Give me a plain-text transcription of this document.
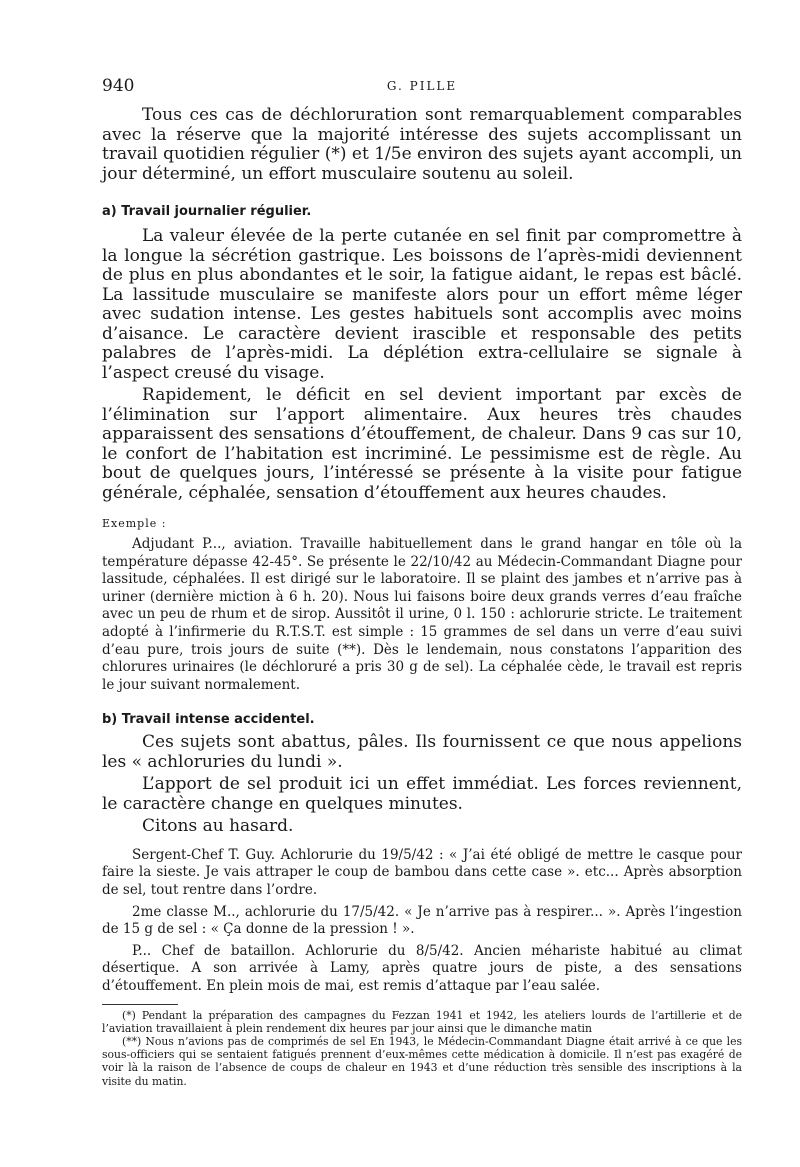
940	G. PILLE

Tous ces cas de déchloruration sont remarquablement comparables avec la réserve que la majorité intéresse des sujets accomplissant un travail quotidien régulier (*) et 1/5e environ des sujets ayant accompli, un jour déterminé, un effort musculaire soutenu au soleil.

a) Travail journalier régulier.

La valeur élevée de la perte cutanée en sel finit par compromettre à la longue la sécrétion gastrique. Les boissons de l’après-midi deviennent de plus en plus abondantes et le soir, la fatigue aidant, le repas est bâclé. La lassitude musculaire se manifeste alors pour un effort même léger avec sudation intense. Les gestes habituels sont accomplis avec moins d’aisance. Le caractère devient irascible et responsable des petits palabres de l’après-midi. La déplétion extra-cellulaire se signale à l’aspect creusé du visage.

Rapidement, le déficit en sel devient important par excès de l’élimination sur l’apport alimentaire. Aux heures très chaudes apparaissent des sensations d’étouffement, de chaleur. Dans 9 cas sur 10, le confort de l’habitation est incriminé. Le pessimisme est de règle. Au bout de quelques jours, l’intéressé se présente à la visite pour fatigue générale, céphalée, sensation d’étouffement aux heures chaudes.

Exemple :

Adjudant P..., aviation. Travaille habituellement dans le grand hangar en tôle où la température dépasse 42-45°. Se présente le 22/10/42 au Médecin-Commandant Diagne pour lassitude, céphalées. Il est dirigé sur le laboratoire. Il se plaint des jambes et n’arrive pas à uriner (dernière miction à 6 h. 20). Nous lui faisons boire deux grands verres d’eau fraîche avec un peu de rhum et de sirop. Aussitôt il urine, 0 l. 150 : achlorurie stricte. Le traitement adopté à l’infirmerie du R.T.S.T. est simple : 15 grammes de sel dans un verre d’eau suivi d’eau pure, trois jours de suite (**). Dès le lendemain, nous constatons l’apparition des chlorures urinaires (le déchloruré a pris 30 g de sel). La céphalée cède, le travail est repris le jour suivant normalement.

b) Travail intense accidentel.

Ces sujets sont abattus, pâles. Ils fournissent ce que nous appelions les « achloruries du lundi ».

L’apport de sel produit ici un effet immédiat. Les forces reviennent, le caractère change en quelques minutes.

Citons au hasard.

Sergent-Chef T. Guy. Achlorurie du 19/5/42 : « J’ai été obligé de mettre le casque pour faire la sieste. Je vais attraper le coup de bambou dans cette case ». etc... Après absorption de sel, tout rentre dans l’ordre.

2me classe M.., achlorurie du 17/5/42. « Je n’arrive pas à respirer... ». Après l’ingestion de 15 g de sel : « Ça donne de la pression ! ».

P... Chef de bataillon. Achlorurie du 8/5/42. Ancien méhariste habitué au climat désertique. A son arrivée à Lamy, après quatre jours de piste, a des sensations d’étouffement. En plein mois de mai, est remis d’attaque par l’eau salée.

(*) Pendant la préparation des campagnes du Fezzan 1941 et 1942, les ateliers lourds de l’artillerie et de l’aviation travaillaient à plein rendement dix heures par jour ainsi que le dimanche matin

(**) Nous n’avions pas de comprimés de sel En 1943, le Médecin-Commandant Diagne était arrivé à ce que les sous-officiers qui se sentaient fatigués prennent d’eux-mêmes cette médication à domicile. Il n’est pas exagéré de voir là la raison de l’absence de coups de chaleur en 1943 et d’une réduction très sensible des inscriptions à la visite du matin.
